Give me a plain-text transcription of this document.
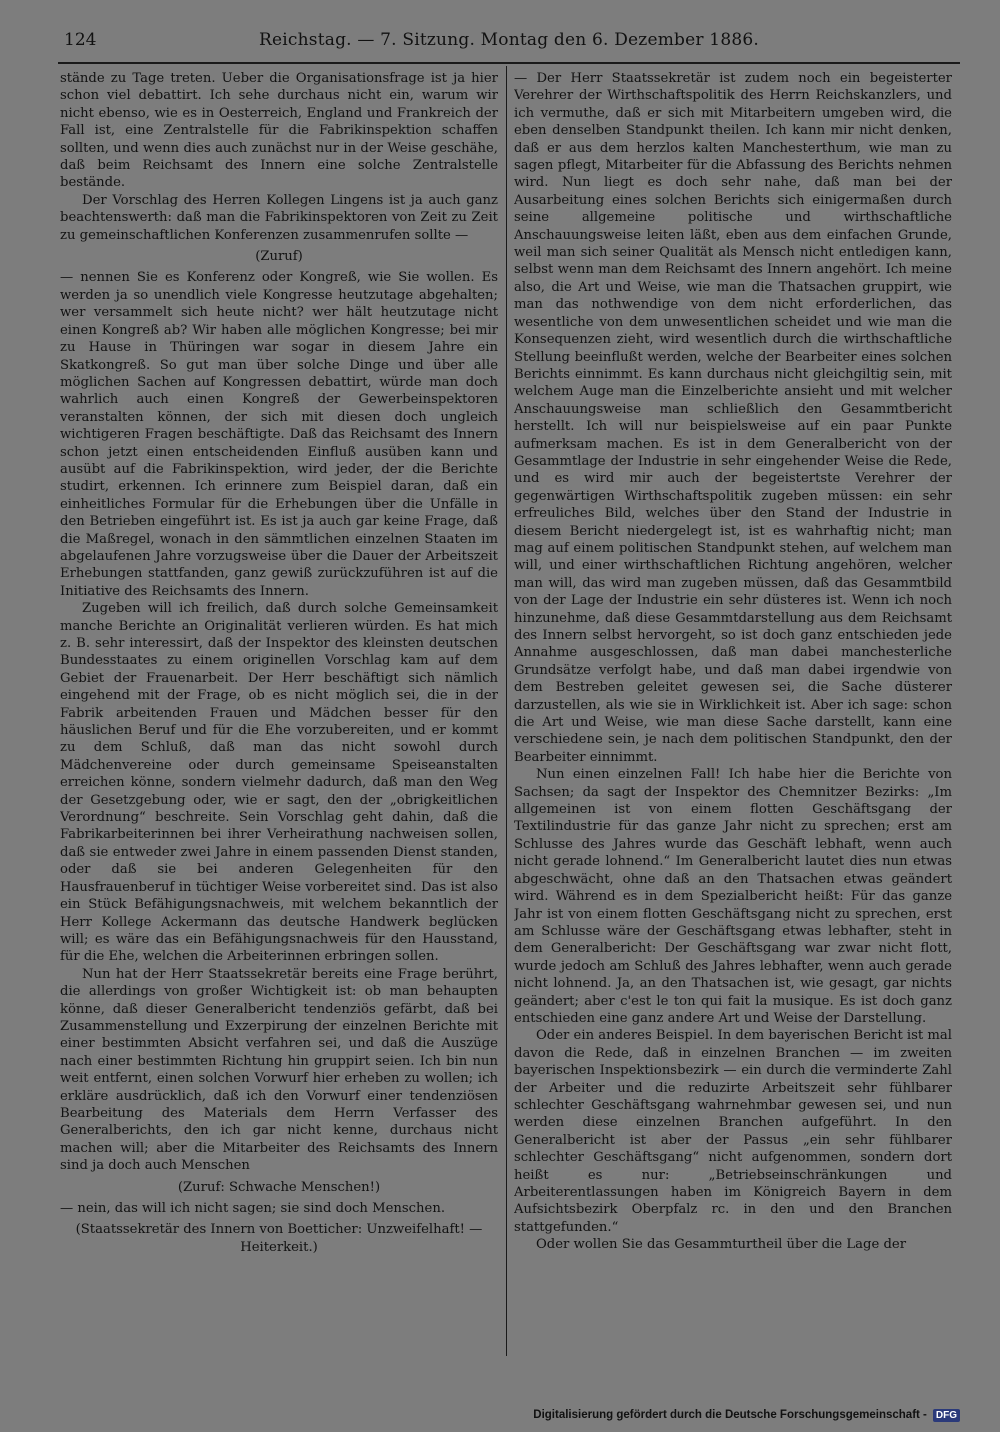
124	Reichstag. — 7. Sitzung. Montag den 6. Dezember 1886.

stände zu Tage treten. Ueber die Organisationsfrage ist ja hier schon viel debattirt. Ich sehe durchaus nicht ein, warum wir nicht ebenso, wie es in Oesterreich, England und Frankreich der Fall ist, eine Zentralstelle für die Fabrikinspektion schaffen sollten, und wenn dies auch zunächst nur in der Weise geschähe, daß beim Reichsamt des Innern eine solche Zentralstelle bestände.

Der Vorschlag des Herren Kollegen Lingens ist ja auch ganz beachtenswerth: daß man die Fabrikinspektoren von Zeit zu Zeit zu gemeinschaftlichen Konferenzen zusammenrufen sollte —

(Zuruf)

— nennen Sie es Konferenz oder Kongreß, wie Sie wollen. Es werden ja so unendlich viele Kongresse heutzutage abgehalten; wer versammelt sich heute nicht? wer hält heutzutage nicht einen Kongreß ab? Wir haben alle möglichen Kongresse; bei mir zu Hause in Thüringen war sogar in diesem Jahre ein Skatkongreß. So gut man über solche Dinge und über alle möglichen Sachen auf Kongressen debattirt, würde man doch wahrlich auch einen Kongreß der Gewerbeinspektoren veranstalten können, der sich mit diesen doch ungleich wichtigeren Fragen beschäftigte. Daß das Reichsamt des Innern schon jetzt einen entscheidenden Einfluß ausüben kann und ausübt auf die Fabrikinspektion, wird jeder, der die Berichte studirt, erkennen. Ich erinnere zum Beispiel daran, daß ein einheitliches Formular für die Erhebungen über die Unfälle in den Betrieben eingeführt ist. Es ist ja auch gar keine Frage, daß die Maßregel, wonach in den sämmtlichen einzelnen Staaten im abgelaufenen Jahre vorzugsweise über die Dauer der Arbeitszeit Erhebungen stattfanden, ganz gewiß zurückzuführen ist auf die Initiative des Reichsamts des Innern.

Zugeben will ich freilich, daß durch solche Gemeinsamkeit manche Berichte an Originalität verlieren würden. Es hat mich z. B. sehr interessirt, daß der Inspektor des kleinsten deutschen Bundesstaates zu einem originellen Vorschlag kam auf dem Gebiet der Frauenarbeit. Der Herr beschäftigt sich nämlich eingehend mit der Frage, ob es nicht möglich sei, die in der Fabrik arbeitenden Frauen und Mädchen besser für den häuslichen Beruf und für die Ehe vorzubereiten, und er kommt zu dem Schluß, daß man das nicht sowohl durch Mädchenvereine oder durch gemeinsame Speiseanstalten erreichen könne, sondern vielmehr dadurch, daß man den Weg der Gesetzgebung oder, wie er sagt, den der „obrigkeitlichen Verordnung“ beschreite. Sein Vorschlag geht dahin, daß die Fabrikarbeiterinnen bei ihrer Verheirathung nachweisen sollen, daß sie entweder zwei Jahre in einem passenden Dienst standen, oder daß sie bei anderen Gelegenheiten für den Hausfrauenberuf in tüchtiger Weise vorbereitet sind. Das ist also ein Stück Befähigungsnachweis, mit welchem bekanntlich der Herr Kollege Ackermann das deutsche Handwerk beglücken will; es wäre das ein Befähigungsnachweis für den Hausstand, für die Ehe, welchen die Arbeiterinnen erbringen sollen.

Nun hat der Herr Staatssekretär bereits eine Frage berührt, die allerdings von großer Wichtigkeit ist: ob man behaupten könne, daß dieser Generalbericht tendenziös gefärbt, daß bei Zusammenstellung und Exzerpirung der einzelnen Berichte mit einer bestimmten Absicht verfahren sei, und daß die Auszüge nach einer bestimmten Richtung hin gruppirt seien. Ich bin nun weit entfernt, einen solchen Vorwurf hier erheben zu wollen; ich erkläre ausdrücklich, daß ich den Vorwurf einer tendenziösen Bearbeitung des Materials dem Herrn Verfasser des Generalberichts, den ich gar nicht kenne, durchaus nicht machen will; aber die Mitarbeiter des Reichsamts des Innern sind ja doch auch Menschen

(Zuruf: Schwache Menschen!)

— nein, das will ich nicht sagen; sie sind doch Menschen.

(Staatssekretär des Innern von Boetticher: Unzweifelhaft! — Heiterkeit.)

— Der Herr Staatssekretär ist zudem noch ein begeisterter Verehrer der Wirthschaftspolitik des Herrn Reichskanzlers, und ich vermuthe, daß er sich mit Mitarbeitern umgeben wird, die eben denselben Standpunkt theilen. Ich kann mir nicht denken, daß er aus dem herzlos kalten Manchesterthum, wie man zu sagen pflegt, Mitarbeiter für die Abfassung des Berichts nehmen wird. Nun liegt es doch sehr nahe, daß man bei der Ausarbeitung eines solchen Berichts sich einigermaßen durch seine allgemeine politische und wirthschaftliche Anschauungsweise leiten läßt, eben aus dem einfachen Grunde, weil man sich seiner Qualität als Mensch nicht entledigen kann, selbst wenn man dem Reichsamt des Innern angehört. Ich meine also, die Art und Weise, wie man die Thatsachen gruppirt, wie man das nothwendige von dem nicht erforderlichen, das wesentliche von dem unwesentlichen scheidet und wie man die Konsequenzen zieht, wird wesentlich durch die wirthschaftliche Stellung beeinflußt werden, welche der Bearbeiter eines solchen Berichts einnimmt. Es kann durchaus nicht gleichgiltig sein, mit welchem Auge man die Einzelberichte ansieht und mit welcher Anschauungsweise man schließlich den Gesammtbericht herstellt. Ich will nur beispielsweise auf ein paar Punkte aufmerksam machen. Es ist in dem Generalbericht von der Gesammtlage der Industrie in sehr eingehender Weise die Rede, und es wird mir auch der begeistertste Verehrer der gegenwärtigen Wirthschaftspolitik zugeben müssen: ein sehr erfreuliches Bild, welches über den Stand der Industrie in diesem Bericht niedergelegt ist, ist es wahrhaftig nicht; man mag auf einem politischen Standpunkt stehen, auf welchem man will, und einer wirthschaftlichen Richtung angehören, welcher man will, das wird man zugeben müssen, daß das Gesammtbild von der Lage der Industrie ein sehr düsteres ist. Wenn ich noch hinzunehme, daß diese Gesammtdarstellung aus dem Reichsamt des Innern selbst hervorgeht, so ist doch ganz entschieden jede Annahme ausgeschlossen, daß man dabei manchesterliche Grundsätze verfolgt habe, und daß man dabei irgendwie von dem Bestreben geleitet gewesen sei, die Sache düsterer darzustellen, als wie sie in Wirklichkeit ist. Aber ich sage: schon die Art und Weise, wie man diese Sache darstellt, kann eine verschiedene sein, je nach dem politischen Standpunkt, den der Bearbeiter einnimmt.

Nun einen einzelnen Fall! Ich habe hier die Berichte von Sachsen; da sagt der Inspektor des Chemnitzer Bezirks: „Im allgemeinen ist von einem flotten Geschäftsgang der Textilindustrie für das ganze Jahr nicht zu sprechen; erst am Schlusse des Jahres wurde das Geschäft lebhaft, wenn auch nicht gerade lohnend.“ Im Generalbericht lautet dies nun etwas abgeschwächt, ohne daß an den Thatsachen etwas geändert wird. Während es in dem Spezialbericht heißt: Für das ganze Jahr ist von einem flotten Geschäftsgang nicht zu sprechen, erst am Schlusse wäre der Geschäftsgang etwas lebhafter, steht in dem Generalbericht: Der Geschäftsgang war zwar nicht flott, wurde jedoch am Schluß des Jahres lebhafter, wenn auch gerade nicht lohnend. Ja, an den Thatsachen ist, wie gesagt, gar nichts geändert; aber c'est le ton qui fait la musique. Es ist doch ganz entschieden eine ganz andere Art und Weise der Darstellung.

Oder ein anderes Beispiel. In dem bayerischen Bericht ist mal davon die Rede, daß in einzelnen Branchen — im zweiten bayerischen Inspektionsbezirk — ein durch die verminderte Zahl der Arbeiter und die reduzirte Arbeitszeit sehr fühlbarer schlechter Geschäftsgang wahrnehmbar gewesen sei, und nun werden diese einzelnen Branchen aufgeführt. In den Generalbericht ist aber der Passus „ein sehr fühlbarer schlechter Geschäftsgang“ nicht aufgenommen, sondern dort heißt es nur: „Betriebseinschränkungen und Arbeiterentlassungen haben im Königreich Bayern in dem Aufsichtsbezirk Oberpfalz rc. in den und den Branchen stattgefunden.“

Oder wollen Sie das Gesammturtheil über die Lage der

Digitalisierung gefördert durch die Deutsche Forschungsgemeinschaft - DFG
